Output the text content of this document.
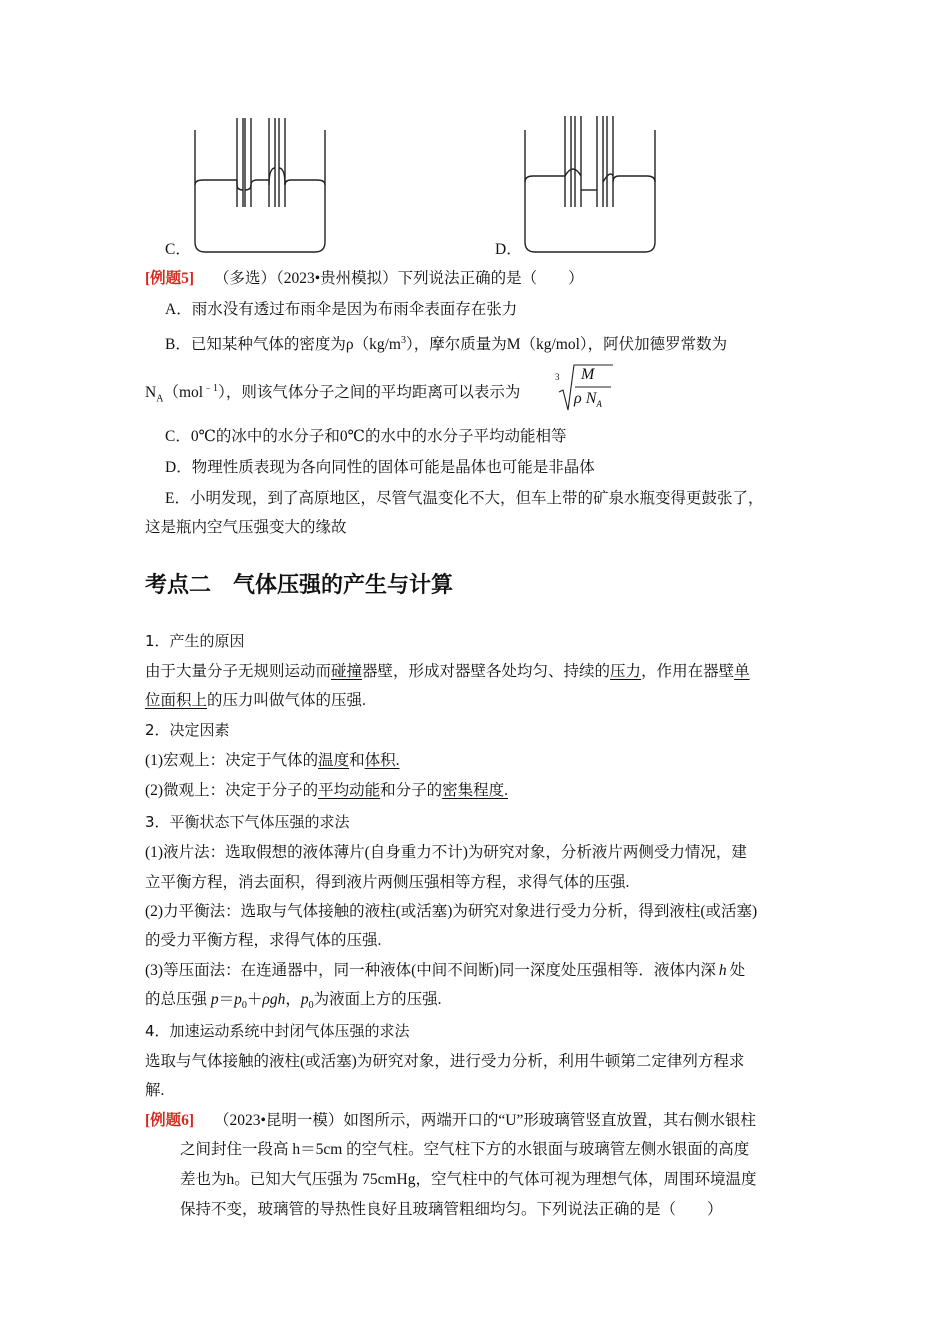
C．	D．
[例题5] （多选）（2023•贵州模拟）下列说法正确的是（　　）
A．雨水没有透过布雨伞是因为布雨伞表面存在张力
B．已知某种气体的密度为$\rho(kg/m^3)$，摩尔质量为M（kg/mol），阿伏加德罗常数为
$N_A(mol^{﹣1})$，则该气体分子之间的平均距离可以表示为
3 M
ρ $N_A$
C．0℃的冰中的水分子和0℃的水中的水分子平均动能相等
D．物理性质表现为各向同性的固体可能是晶体也可能是非晶体
E．小明发现，到了高原地区，尽管气温变化不大，但车上带的矿泉水瓶变得更鼓张了，
这是瓶内空气压强变大的缘故
考点二　气体压强的产生与计算
1．产生的原因
由于大量分子无规则运动而碰撞器壁，形成对器壁各处均匀、持续的压力，作用在器壁单
位面积上的压力叫做气体的压强.
2．决定因素
(1)宏观上：决定于气体的温度和体积.
(2)微观上：决定于分子的平均动能和分子的密集程度.
3．平衡状态下气体压强的求法
(1)液片法：选取假想的液体薄片(自身重力不计)为研究对象，分析液片两侧受力情况，建
立平衡方程，消去面积，得到液片两侧压强相等方程，求得气体的压强.
(2)力平衡法：选取与气体接触的液柱(或活塞)为研究对象进行受力分析，得到液柱(或活塞)
的受力平衡方程，求得气体的压强.
(3)等压面法：在连通器中，同一种液体(中间不间断)同一深度处压强相等．液体内深 h 处
的总压强 $p=p_0+\rho gh$，$p_0$为液面上方的压强.
4．加速运动系统中封闭气体压强的求法
选取与气体接触的液柱(或活塞)为研究对象，进行受力分析，利用牛顿第二定律列方程求
解.
[例题6] （2023•昆明一模）如图所示，两端开口的“U”形玻璃管竖直放置，其右侧水银柱
之间封住一段高 h＝5cm 的空气柱。空气柱下方的水银面与玻璃管左侧水银面的高度
差也为h。已知大气压强为 75cmHg，空气柱中的气体可视为理想气体，周围环境温度
保持不变，玻璃管的导热性良好且玻璃管粗细均匀。下列说法正确的是（　　）
